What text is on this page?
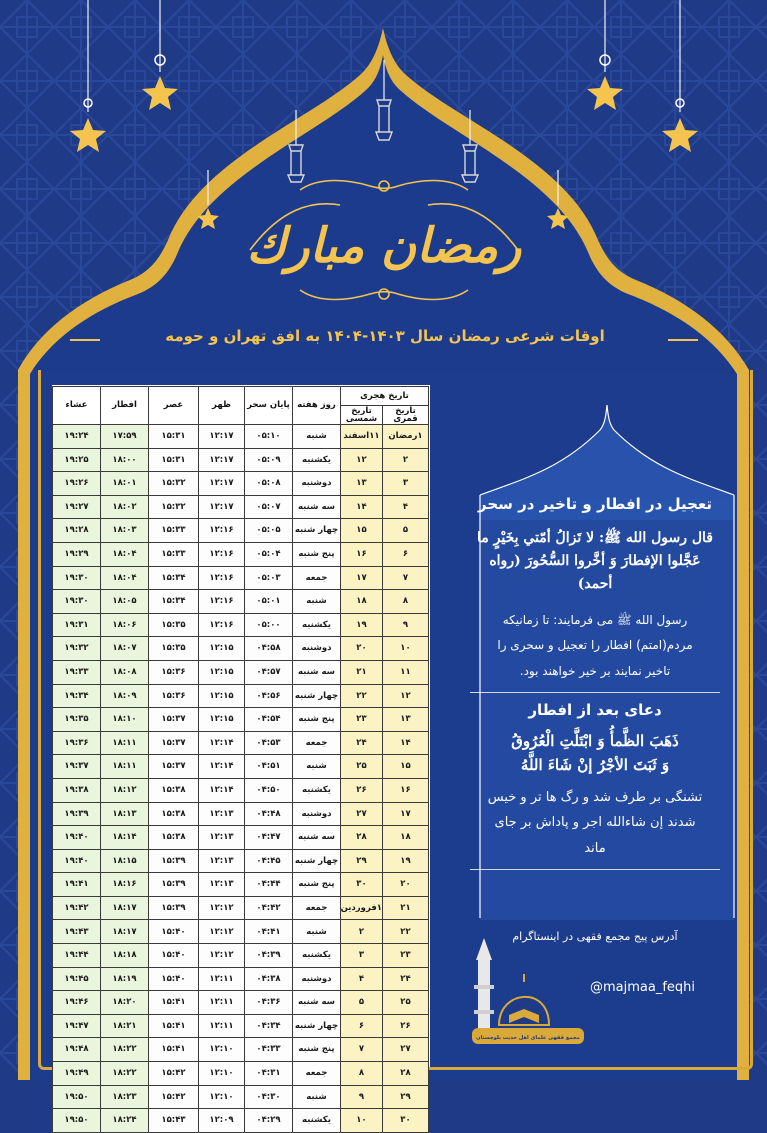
رمضان مبارك
اوقات شرعی رمضان سال ۱۴۰۳-۱۴۰۴ به افق تهران و حومه
تاریخ هجری		روز هفته	پایان سحر	ظهر	عصر	افطار	عشاء
تاریخ قمری	تاریخ شمسی						
۱رمضان	۱۱اسفند	شنبه	۰۵:۱۰	۱۲:۱۷	۱۵:۳۱	۱۷:۵۹	۱۹:۲۴
۲	۱۲	یکشنبه	۰۵:۰۹	۱۲:۱۷	۱۵:۳۱	۱۸:۰۰	۱۹:۲۵
۳	۱۳	دوشنبه	۰۵:۰۸	۱۲:۱۷	۱۵:۳۲	۱۸:۰۱	۱۹:۲۶
۴	۱۴	سه شنبه	۰۵:۰۷	۱۲:۱۷	۱۵:۳۲	۱۸:۰۲	۱۹:۲۷
۵	۱۵	چهار شنبه	۰۵:۰۵	۱۲:۱۶	۱۵:۳۳	۱۸:۰۳	۱۹:۲۸
۶	۱۶	پنج شنبه	۰۵:۰۴	۱۲:۱۶	۱۵:۳۳	۱۸:۰۴	۱۹:۲۹
۷	۱۷	جمعه	۰۵:۰۳	۱۲:۱۶	۱۵:۳۴	۱۸:۰۴	۱۹:۳۰
۸	۱۸	شنبه	۰۵:۰۱	۱۲:۱۶	۱۵:۳۴	۱۸:۰۵	۱۹:۳۰
۹	۱۹	یکشنبه	۰۵:۰۰	۱۲:۱۶	۱۵:۳۵	۱۸:۰۶	۱۹:۳۱
۱۰	۲۰	دوشنبه	۰۴:۵۸	۱۲:۱۵	۱۵:۳۵	۱۸:۰۷	۱۹:۳۲
۱۱	۲۱	سه شنبه	۰۴:۵۷	۱۲:۱۵	۱۵:۳۶	۱۸:۰۸	۱۹:۳۳
۱۲	۲۲	چهار شنبه	۰۴:۵۶	۱۲:۱۵	۱۵:۳۶	۱۸:۰۹	۱۹:۳۴
۱۳	۲۳	پنج شنبه	۰۴:۵۴	۱۲:۱۵	۱۵:۳۷	۱۸:۱۰	۱۹:۳۵
۱۴	۲۴	جمعه	۰۴:۵۳	۱۲:۱۴	۱۵:۳۷	۱۸:۱۱	۱۹:۳۶
۱۵	۲۵	شنبه	۰۴:۵۱	۱۲:۱۴	۱۵:۳۷	۱۸:۱۱	۱۹:۳۷
۱۶	۲۶	یکشنبه	۰۴:۵۰	۱۲:۱۴	۱۵:۳۸	۱۸:۱۲	۱۹:۳۸
۱۷	۲۷	دوشنبه	۰۴:۴۸	۱۲:۱۳	۱۵:۳۸	۱۸:۱۳	۱۹:۳۹
۱۸	۲۸	سه شنبه	۰۴:۴۷	۱۲:۱۳	۱۵:۳۸	۱۸:۱۴	۱۹:۴۰
۱۹	۲۹	چهار شنبه	۰۴:۴۵	۱۲:۱۳	۱۵:۳۹	۱۸:۱۵	۱۹:۴۰
۲۰	۳۰	پنج شنبه	۰۴:۴۴	۱۲:۱۳	۱۵:۳۹	۱۸:۱۶	۱۹:۴۱
۲۱	۱فروردین	جمعه	۰۴:۴۲	۱۲:۱۲	۱۵:۳۹	۱۸:۱۷	۱۹:۴۲
۲۲	۲	شنبه	۰۴:۴۱	۱۲:۱۲	۱۵:۴۰	۱۸:۱۷	۱۹:۴۳
۲۳	۳	یکشنبه	۰۴:۳۹	۱۲:۱۲	۱۵:۴۰	۱۸:۱۸	۱۹:۴۴
۲۴	۴	دوشنبه	۰۴:۳۸	۱۲:۱۱	۱۵:۴۰	۱۸:۱۹	۱۹:۴۵
۲۵	۵	سه شنبه	۰۴:۳۶	۱۲:۱۱	۱۵:۴۱	۱۸:۲۰	۱۹:۴۶
۲۶	۶	چهار شنبه	۰۴:۳۴	۱۲:۱۱	۱۵:۴۱	۱۸:۲۱	۱۹:۴۷
۲۷	۷	پنج شنبه	۰۴:۳۳	۱۲:۱۰	۱۵:۴۱	۱۸:۲۲	۱۹:۴۸
۲۸	۸	جمعه	۰۴:۳۱	۱۲:۱۰	۱۵:۴۲	۱۸:۲۲	۱۹:۴۹
۲۹	۹	شنبه	۰۴:۳۰	۱۲:۱۰	۱۵:۴۲	۱۸:۲۳	۱۹:۵۰
۳۰	۱۰	یکشنبه	۰۴:۲۹	۱۲:۰۹	۱۵:۴۳	۱۸:۲۴	۱۹:۵۰
تعجیل در افطار و تاخیر در سحر
قال رسول الله ﷺ: لا تَزالُ أمّتي بِخَيْرٍ ما
عَجَّلوا الإفطارَ وَ أخَّروا السُّحُورَ (رواه أحمد)
رسول الله ﷺ می فرمایند: تا زمانیکه
مردم(امتم) افطار را تعجیل و سحری را
تاخیر نمایند بر خیر خواهند بود.
دعای بعد از افطار
ذَهَبَ الظَّمأُ وَ ابْتَلَّتِ الْعُرُوقُ
وَ ثَبَتَ الأجْرُ إنْ شَاءَ اللَّهُ
تشنگی بر طرف شد و رگ ها تر و خیس
شدند إن شاءالله اجر و پاداش بر جای
ماند
آدرس پیج مجمع فقهی در اینستاگرام
@majmaa_feqhi
مجمع فقهی علمای اهل حدیث بلوچستان
